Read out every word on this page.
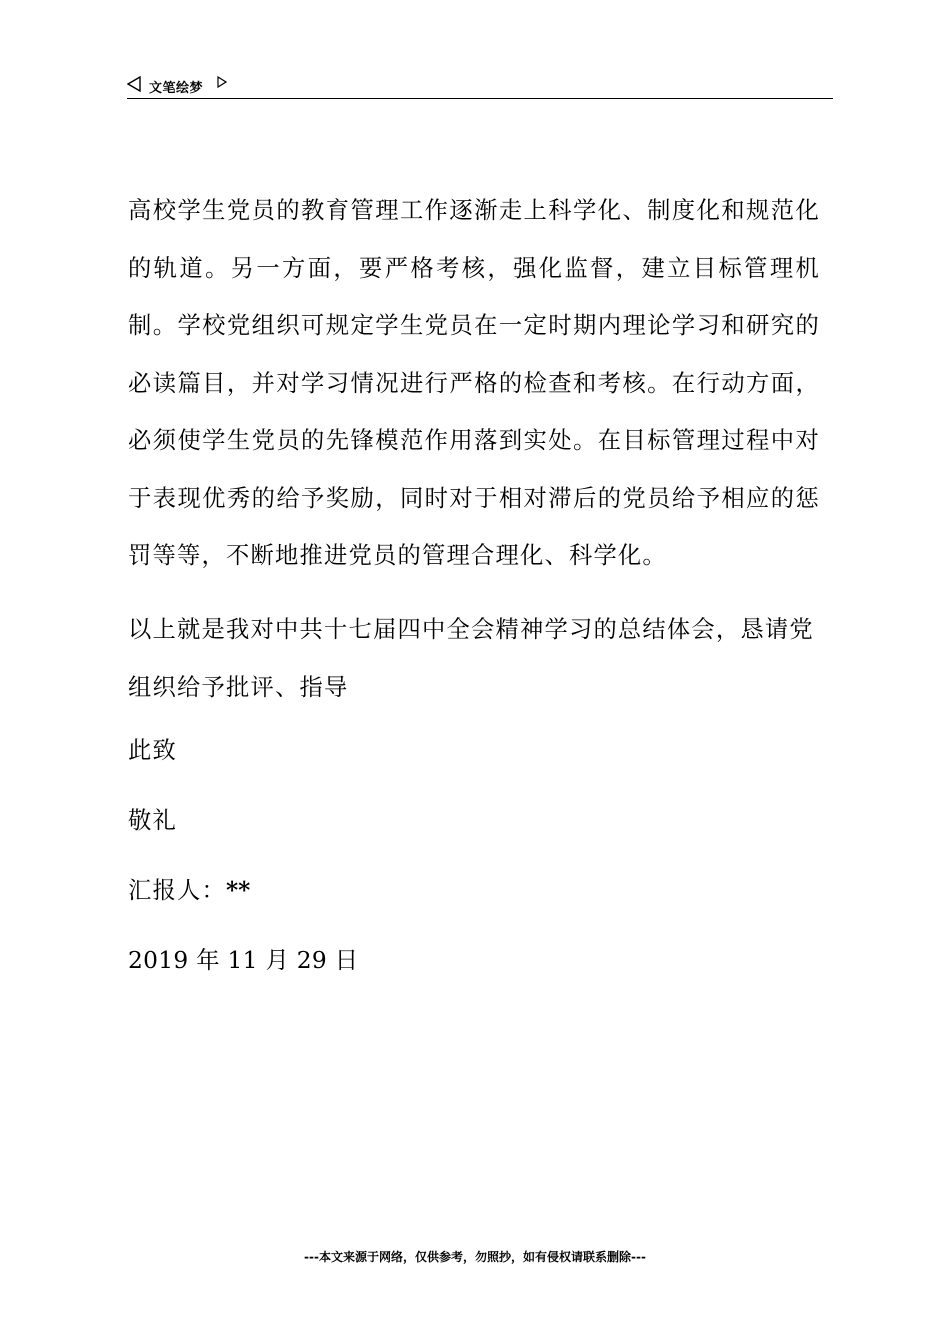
文笔绘梦

高校学生党员的教育管理工作逐渐走上科学化、制度化和规范化的轨道。另一方面，要严格考核，强化监督，建立目标管理机制。学校党组织可规定学生党员在一定时期内理论学习和研究的必读篇目，并对学习情况进行严格的检查和考核。在行动方面，必须使学生党员的先锋模范作用落到实处。在目标管理过程中对于表现优秀的给予奖励，同时对于相对滞后的党员给予相应的惩罚等等，不断地推进党员的管理合理化、科学化。

以上就是我对中共十七届四中全会精神学习的总结体会，恳请党组织给予批评、指导

此致

敬礼

汇报人：**

2019 年 11 月 29 日

---本文来源于网络，仅供参考，勿照抄，如有侵权请联系删除---
